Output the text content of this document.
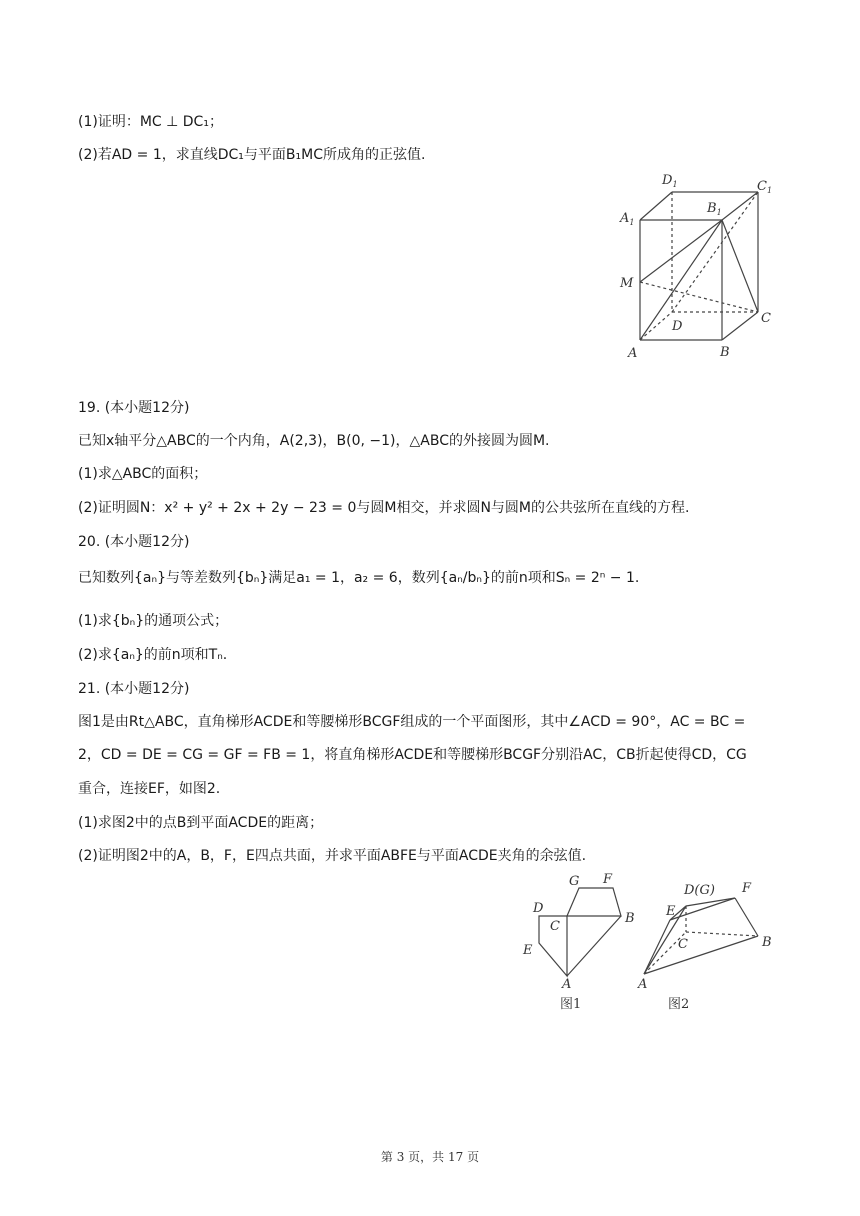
(1)证明：MC ⊥ DC₁；
(2)若AD = 1，求直线DC₁与平面B₁MC所成角的正弦值.
19. (本小题12分)
已知x轴平分△ABC的一个内角，A(2,3)，B(0, −1)，△ABC的外接圆为圆M.
(1)求△ABC的面积；
(2)证明圆N：x² + y² + 2x + 2y − 23 = 0与圆M相交，并求圆N与圆M的公共弦所在直线的方程.
20. (本小题12分)
已知数列{aₙ}与等差数列{bₙ}满足a₁ = 1，a₂ = 6，数列{aₙ/bₙ}的前n项和Sₙ = 2ⁿ − 1.
(1)求{bₙ}的通项公式；
(2)求{aₙ}的前n项和Tₙ.
21. (本小题12分)
图1是由Rt△ABC，直角梯形ACDE和等腰梯形BCGF组成的一个平面图形，其中∠ACD = 90°，AC = BC =
2，CD = DE = CG = GF = FB = 1，将直角梯形ACDE和等腰梯形BCGF分别沿AC，CB折起使得CD，CG
重合，连接EF，如图2.
(1)求图2中的点B到平面ACDE的距离；
(2)证明图2中的A，B，F，E四点共面，并求平面ABFE与平面ACDE夹角的余弦值.
$D_1$	$C_1$
$A_1$
$B_1$
M
D
C
A	B
G F
D
C
B
E
A
图1
D(G) F
E
C	B
A
图2
第 3 页，共 17 页
